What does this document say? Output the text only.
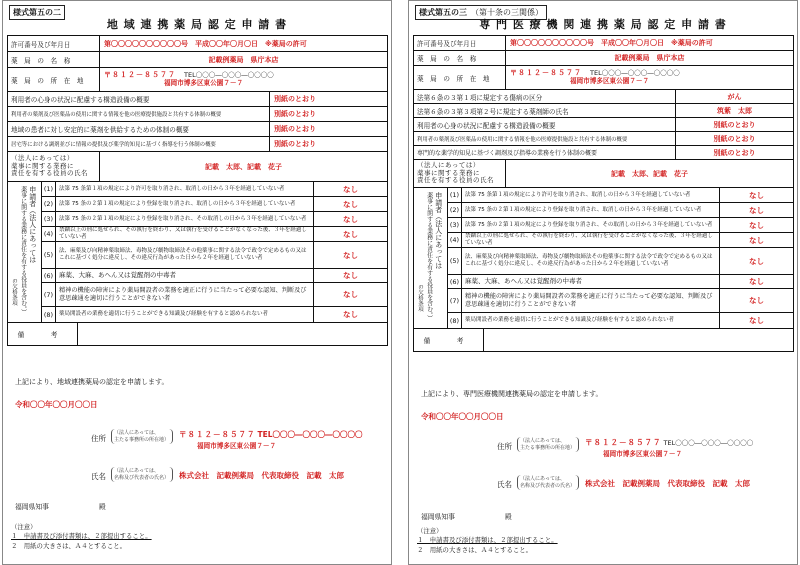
様式第五の二
地 域 連 携 薬 局 認 定 申 請 書
許可番号及び年月日	第〇〇〇〇〇〇〇〇〇〇号　平成〇〇年〇月〇日　※薬局の許可
薬　局　の　名　称	記載例薬局　県庁本店
薬　局　の　所　在　地
〒８１２－８５７７ TEL〇〇〇―〇〇〇―〇〇〇〇
福岡市博多区東公園７－７
利用者の心身の状況に配慮する構造設備の概要	別紙のとおり
利用者の薬剤及び医薬品の使用に関する情報を他の医療提供施設と共有する体制の概要	別紙のとおり
地域の患者に対し安定的に薬剤を供給するための体制の概要	別紙のとおり
居宅等における調剤並びに情報の提供及び薬学的知見に基づく指導を行う体制の概要	別紙のとおり
（法人にあっては）
薬事に関する業務に
責任を有する役員の氏名
記載　太郎、記載　花子
申請者（法人にあっては
薬事に関する業務に責任を有する役員を含む。）
の欠格条項
(1)	法第 75 条第１項の規定により許可を取り消され、取消しの日から３年を経過していない者	なし
(2)	法第 75 条の２第１項の規定により登録を取り消され、取消しの日から３年を経過していない者	なし
(3)	法第 75 条の２第１項の規定により登録を取り消され、その取消しの日から３年を経過していない者	なし
(4)	禁錮以上の刑に処せられ、その執行を終わり、又は執行を受けることがなくなった後、３年を経過していない者	なし
(5)	法、麻薬及び向精神薬取締法、毒物及び劇物取締法その他薬事に関する法令で政令で定めるもの又はこれに基づく処分に違反し、その違反行為があった日から２年を経過していない者	なし
(6) 麻薬、大麻、あへん又は覚醒剤の中毒者	なし
(7)
精神の機能の障害により薬局開設者の業務を適正に行うに当たって必要な認知、判断及び意思疎通を適切に行うことができない者	なし
(8)	薬局開設者の業務を適切に行うことができる知識及び経験を有すると認められない者	なし
備　考
上記により、地域連携薬局の認定を申請します。
令和〇〇年〇〇月〇〇日
住所
（法人にあっては、
主たる事務所の所在地）
〒８１２－８５７７ TEL〇〇〇―〇〇〇―〇〇〇〇
福岡市博多区東公園７－７
氏名
（法人にあっては、
名称及び代表者の氏名）	株式会社　記載例薬局　代表取締役　記載　太郎
福岡県知事	殿
（注意）
１　申請書及び添付書類は、２部提出すること。
２　用紙の大きさは、Ａ４とすること。
様式第五の三 （第十条の三関係）
専 門 医 療 機 関 連 携 薬 局 認 定 申 請 書
許可番号及び年月日	第〇〇〇〇〇〇〇〇〇〇号　平成〇〇年〇月〇日　※薬局の許可
薬　局　の　名　称	記載例薬局　県庁本店
薬　局　の　所　在　地
〒８１２－８５７７ TEL〇〇〇―〇〇〇―〇〇〇〇
福岡市博多区東公園７－７
法第６条の３第１項に規定する傷病の区分	がん
法第６条の３第３項第２号に規定する薬剤師の氏名	筑紫　太郎
利用者の心身の状況に配慮する構造設備の概要	別紙のとおり
利用者の薬剤及び医薬品の使用に関する情報を他の医療提供施設と共有する体制の概要	別紙のとおり
専門的な薬学的知見に基づく調剤及び指導の業務を行う体制の概要	別紙のとおり
（法人にあっては）
薬事に関する業務に
責任を有する役員の氏名
記載　太郎、記載　花子
申請者（法人にあっては
薬事に関する業務に責任を有する役員を含む。）
の欠格条項
(1)	法第 75 条第１項の規定により許可を取り消され、取消しの日から３年を経過していない者	なし
(2)	法第 75 条の２第１項の規定により登録を取り消され、取消しの日から３年を経過していない者	なし
(3)	法第 75 条の２第１項の規定により登録を取り消され、その取消しの日から３年を経過していない者	なし
(4)	禁錮以上の刑に処せられ、その執行を終わり、又は執行を受けることがなくなった後、３年を経過していない者	なし
(5)	法、麻薬及び向精神薬取締法、毒物及び劇物取締法その他薬事に関する法令で政令で定めるもの又はこれに基づく処分に違反し、その違反行為があった日から２年を経過していない者	なし
(6) 麻薬、大麻、あへん又は覚醒剤の中毒者	なし
(7)
精神の機能の障害により薬局開設者の業務を適正に行うに当たって必要な認知、判断及び意思疎通を適切に行うことができない者	なし
(8)	薬局開設者の業務を適切に行うことができる知識及び経験を有すると認められない者	なし
備　考
上記により、専門医療機関連携薬局の認定を申請します。
令和〇〇年〇〇月〇〇日
住所
（法人にあっては、
主たる事務所の所在地）
〒８１２－８５７７ TEL〇〇〇―〇〇〇―〇〇〇〇
福岡市博多区東公園７－７
氏名
（法人にあっては、
名称及び代表者の氏名）	株式会社　記載例薬局　代表取締役　記載　太郎
福岡県知事	殿
（注意）
１　申請書及び添付書類は、２部提出すること。
２　用紙の大きさは、Ａ４とすること。
